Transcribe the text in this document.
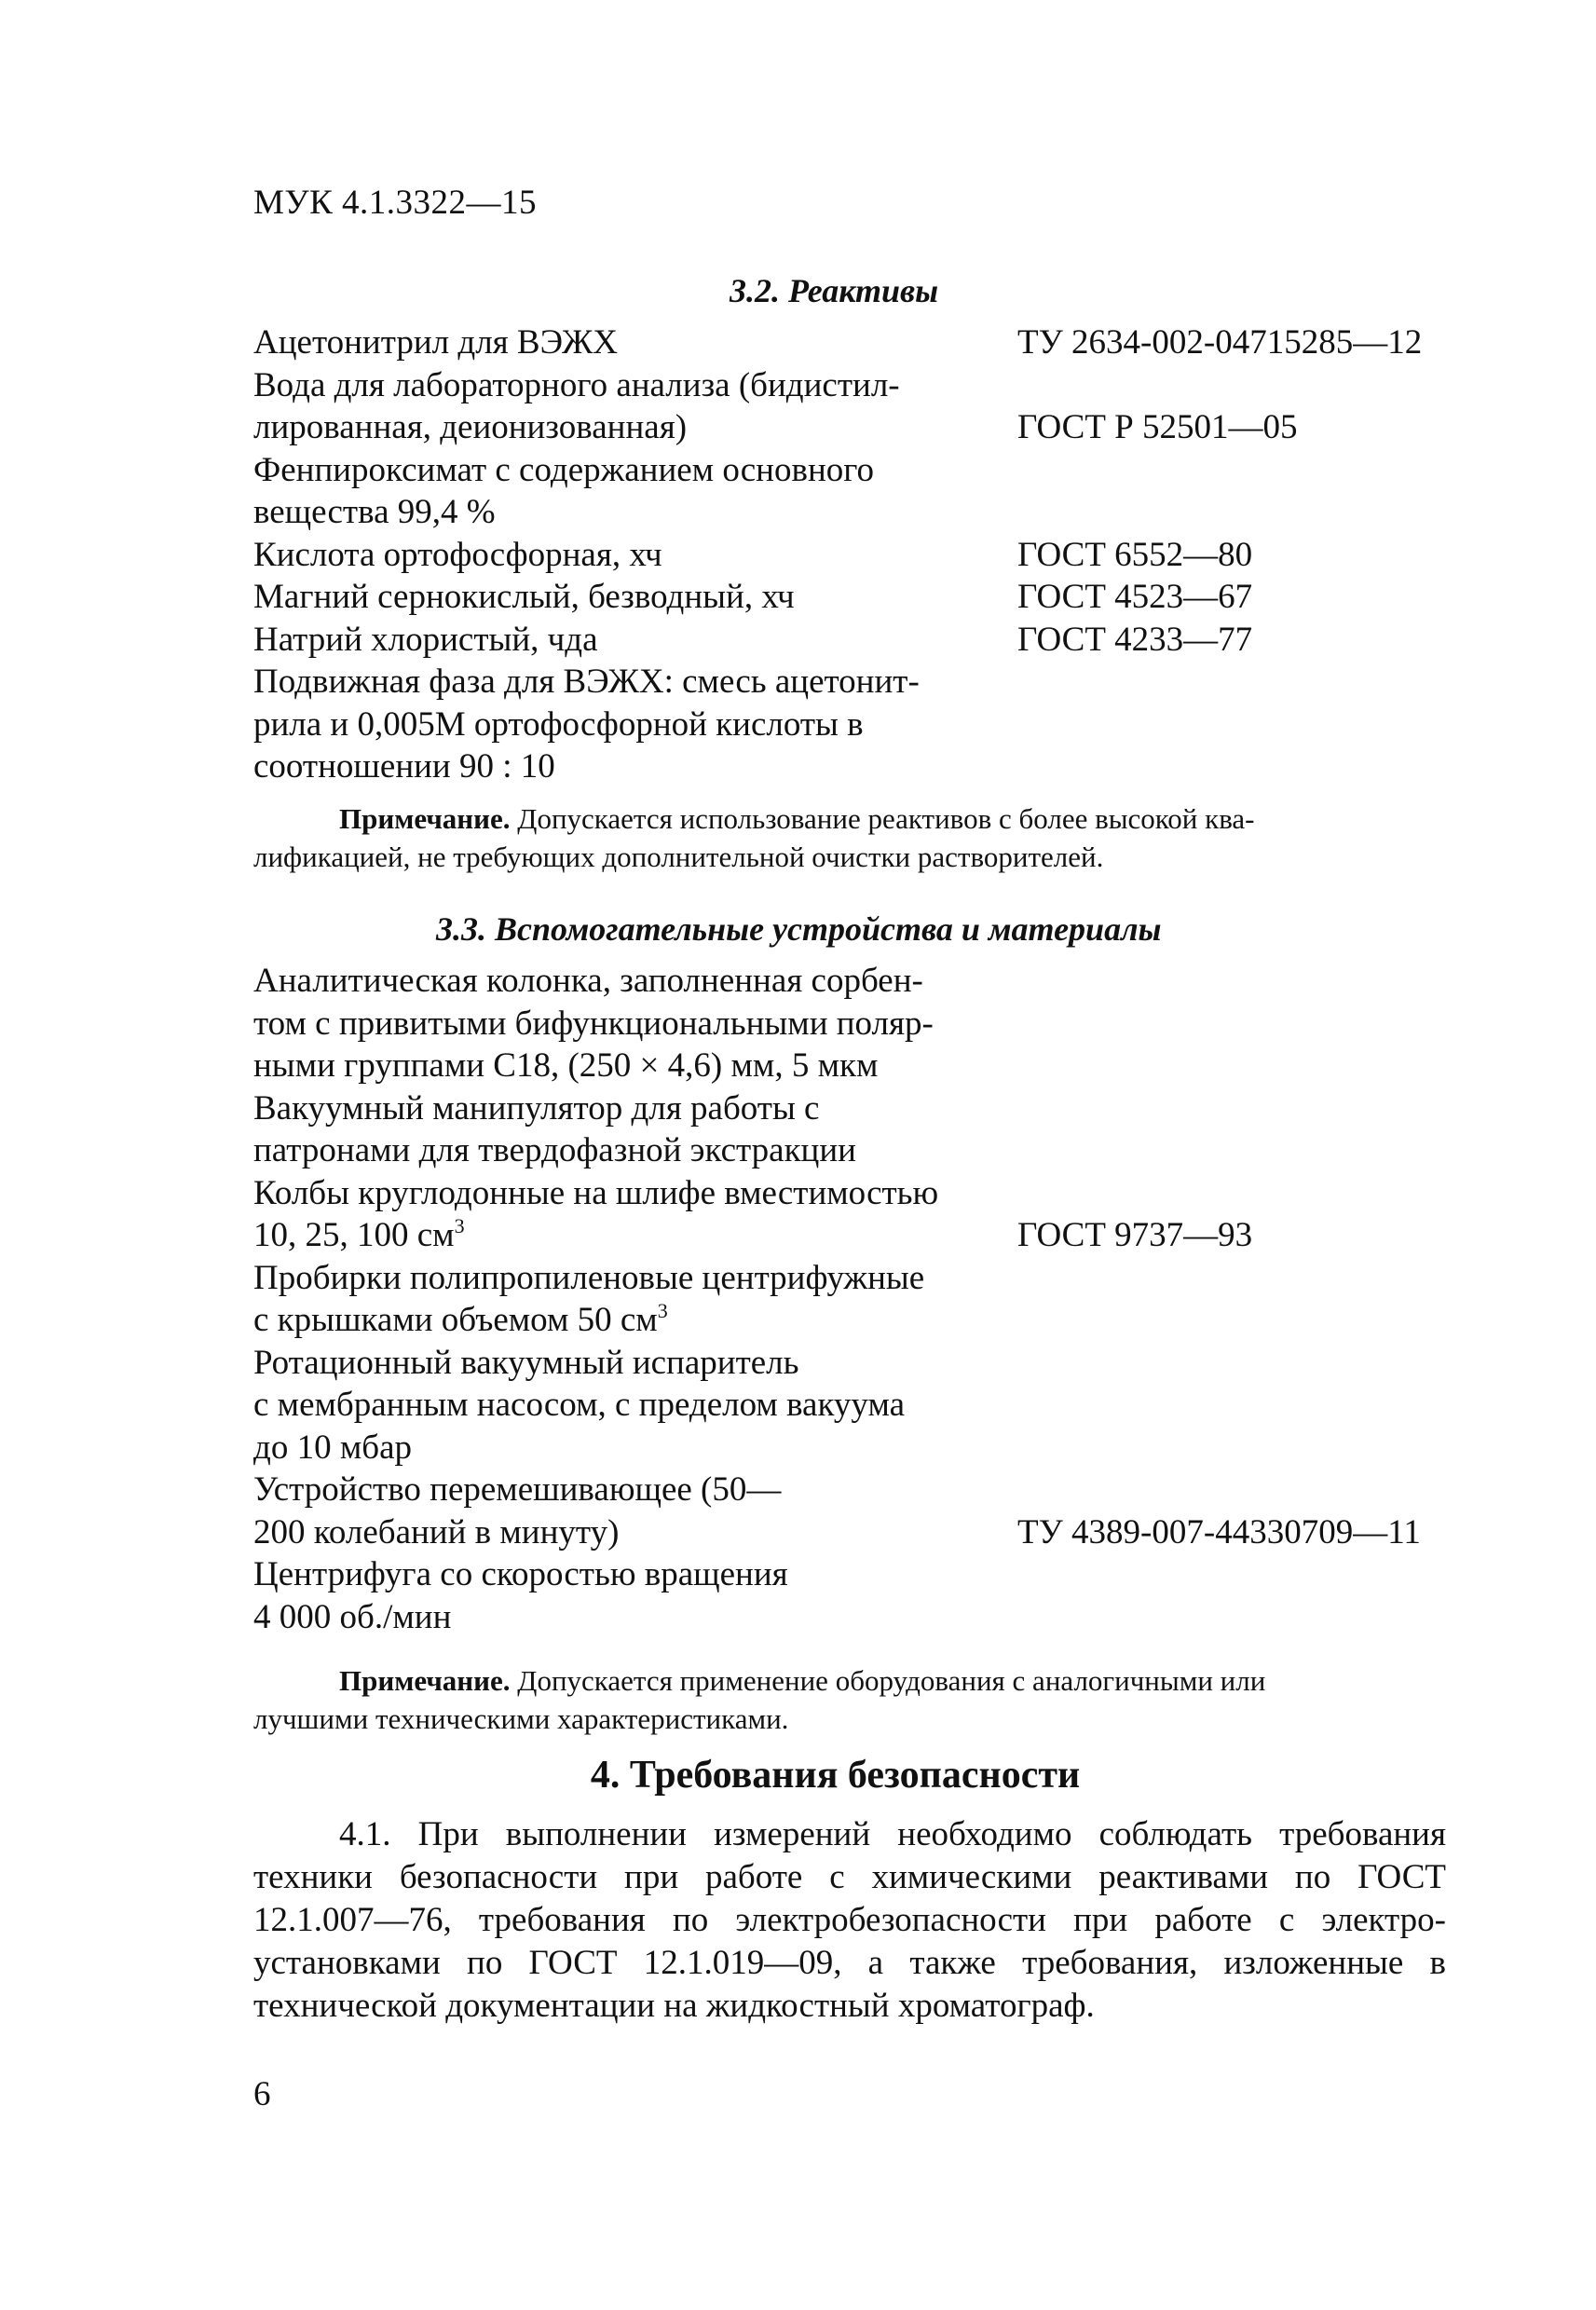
МУК 4.1.3322—15
3.2. Реактивы
Ацетонитрил для ВЭЖХ	ТУ 2634-002-04715285—12
Вода для лабораторного анализа (бидистил-
лированная, деионизованная)	ГОСТ Р 52501—05
Фенпироксимат с содержанием основного
вещества 99,4 %
Кислота ортофосфорная, хч	ГОСТ 6552—80
Магний сернокислый, безводный, хч	ГОСТ 4523—67
Натрий хлористый, чда	ГОСТ 4233—77
Подвижная фаза для ВЭЖХ: смесь ацетонит-
рила и 0,005М ортофосфорной кислоты в
соотношении 90 : 10
Примечание. Допускается использование реактивов с более высокой ква-
лификацией, не требующих дополнительной очистки растворителей.
3.3. Вспомогательные устройства и материалы
Аналитическая колонка, заполненная сорбен-
том с привитыми бифункциональными поляр-
ными группами С18, (250 × 4,6) мм, 5 мкм
Вакуумный манипулятор для работы с
патронами для твердофазной экстракции
Колбы круглодонные на шлифе вместимостью
10, 25, 100 $см^3$	ГОСТ 9737—93
Пробирки полипропиленовые центрифужные
с крышками объемом 50 $см^3$
Ротационный вакуумный испаритель
с мембранным насосом, с пределом вакуума
до 10 мбар
Устройство перемешивающее (50—
200 колебаний в минуту)	ТУ 4389-007-44330709—11
Центрифуга со скоростью вращения
4 000 об./мин
Примечание. Допускается применение оборудования с аналогичными или
лучшими техническими характеристиками.
4. Требования безопасности
4.1. При выполнении измерений необходимо соблюдать требования
техники безопасности при работе с химическими реактивами по ГОСТ
12.1.007—76, требования по электробезопасности при работе с электро-
установками по ГОСТ 12.1.019—09, а также требования, изложенные в
технической документации на жидкостный хроматограф.
6
